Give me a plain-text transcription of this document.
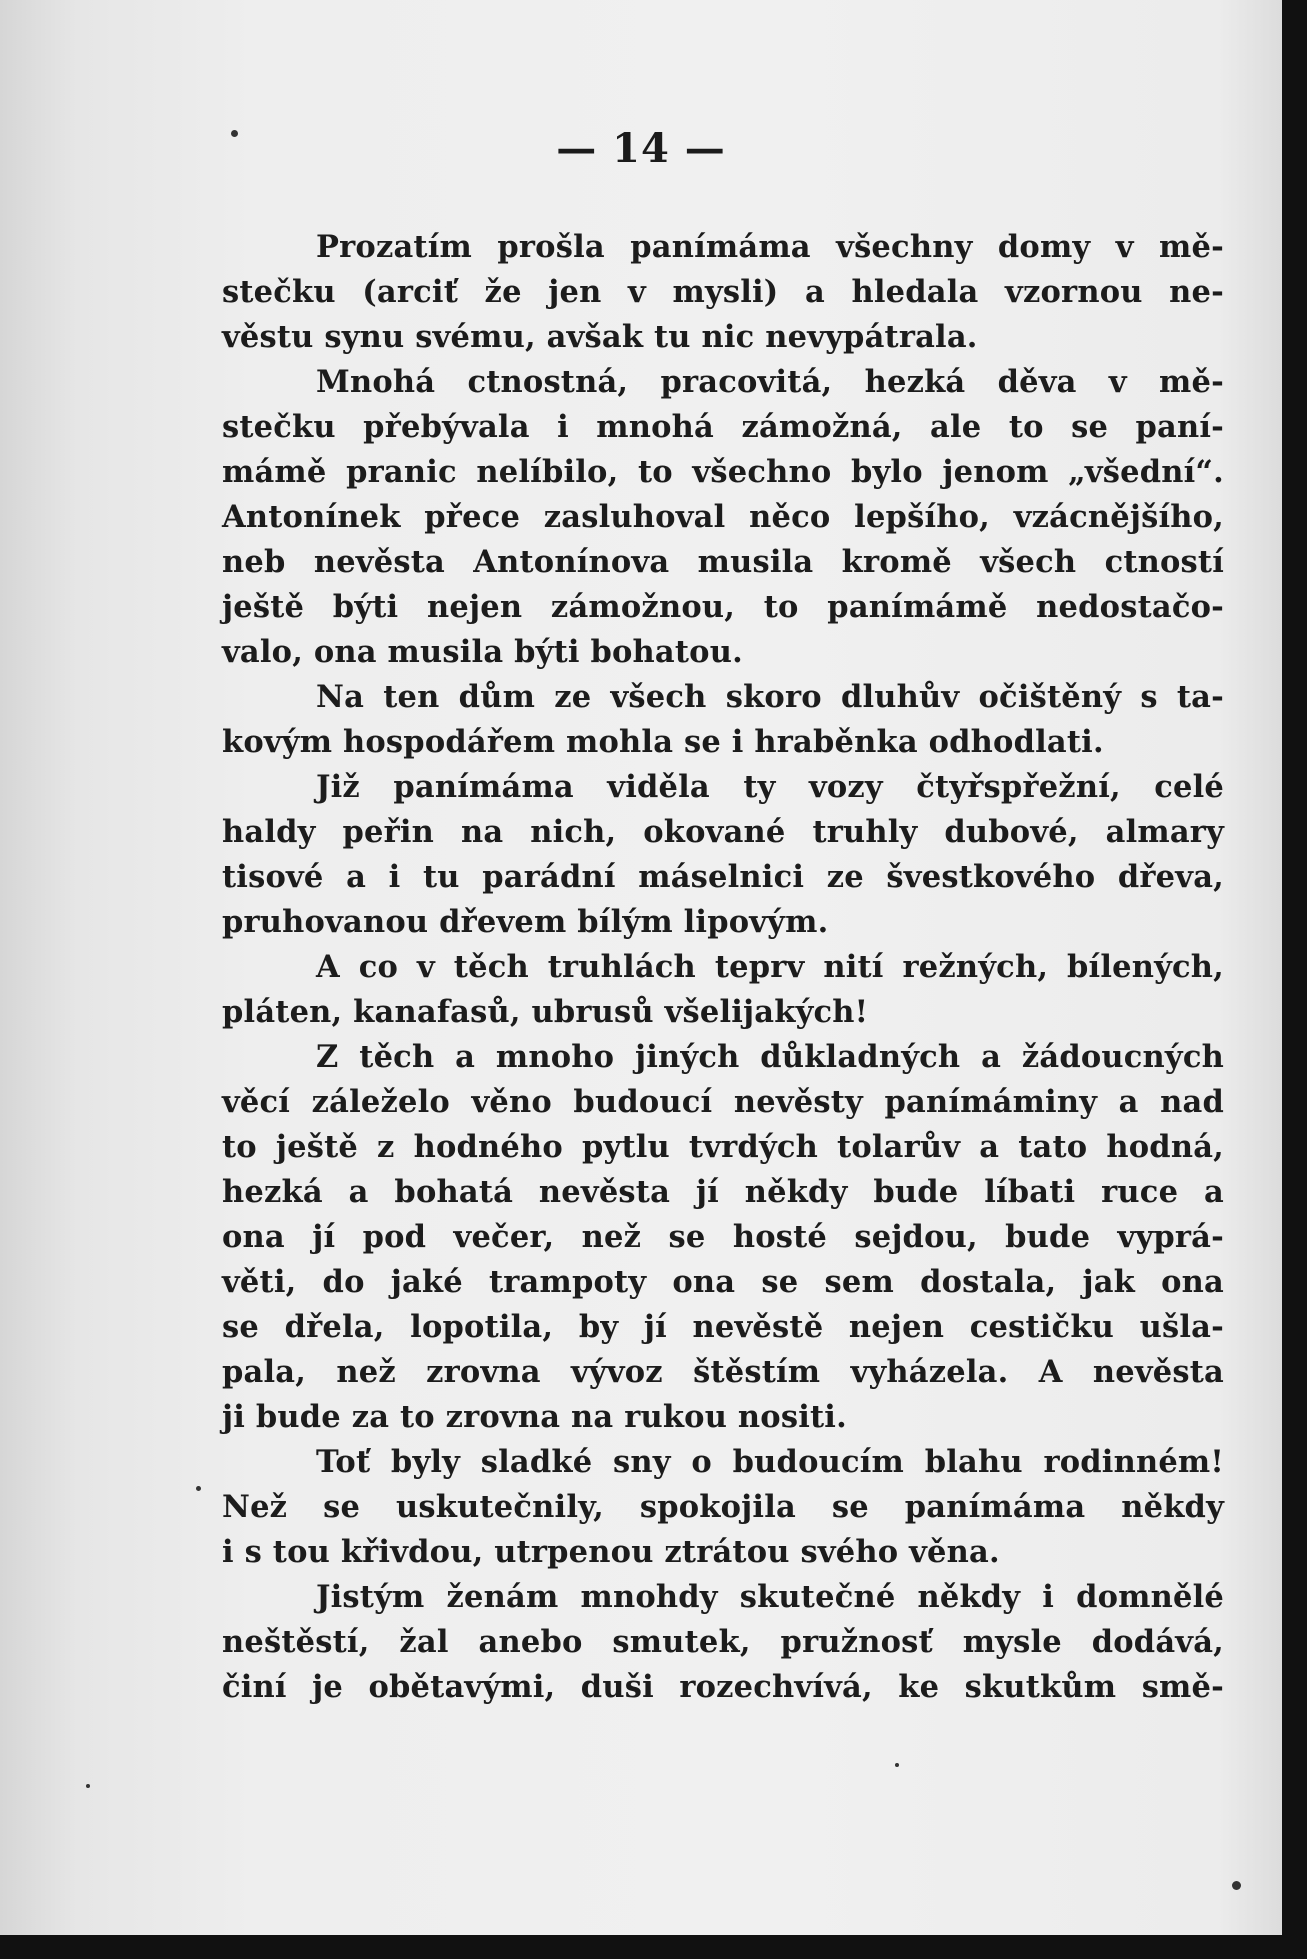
— 14 —
Prozatím prošla panímáma všechny domy v mě-
stečku (arciť že jen v mysli) a hledala vzornou ne-
věstu synu svému, avšak tu nic nevypátrala.
Mnohá ctnostná, pracovitá, hezká děva v mě-
stečku přebývala i mnohá zámožná, ale to se paní-
mámě pranic nelíbilo, to všechno bylo jenom „všední“.
Antonínek přece zasluhoval něco lepšího, vzácnějšího,
neb nevěsta Antonínova musila kromě všech ctností
ještě býti nejen zámožnou, to panímámě nedostačo-
valo, ona musila býti bohatou.
Na ten dům ze všech skoro dluhův očištěný s ta-
kovým hospodářem mohla se i hraběnka odhodlati.
Již panímáma viděla ty vozy čtyřspřežní, celé
haldy peřin na nich, okované truhly dubové, almary
tisové a i tu parádní máselnici ze švestkového dřeva,
pruhovanou dřevem bílým lipovým.
A co v těch truhlách teprv nití režných, bílených,
pláten, kanafasů, ubrusů všelijakých!
Z těch a mnoho jiných důkladných a žádoucných
věcí záleželo věno budoucí nevěsty panímáminy a nad
to ještě z hodného pytlu tvrdých tolarův a tato hodná,
hezká a bohatá nevěsta jí někdy bude líbati ruce a
ona jí pod večer, než se hosté sejdou, bude vyprá-
věti, do jaké trampoty ona se sem dostala, jak ona
se dřela, lopotila, by jí nevěstě nejen cestičku ušla-
pala, než zrovna vývoz štěstím vyházela. A nevěsta
ji bude za to zrovna na rukou nositi.
Toť byly sladké sny o budoucím blahu rodinném!
Než se uskutečnily, spokojila se panímáma někdy
i s tou křivdou, utrpenou ztrátou svého věna.
Jistým ženám mnohdy skutečné někdy i domnělé
neštěstí, žal anebo smutek, pružnosť mysle dodává,
činí je obětavými, duši rozechvívá, ke skutkům smě-
